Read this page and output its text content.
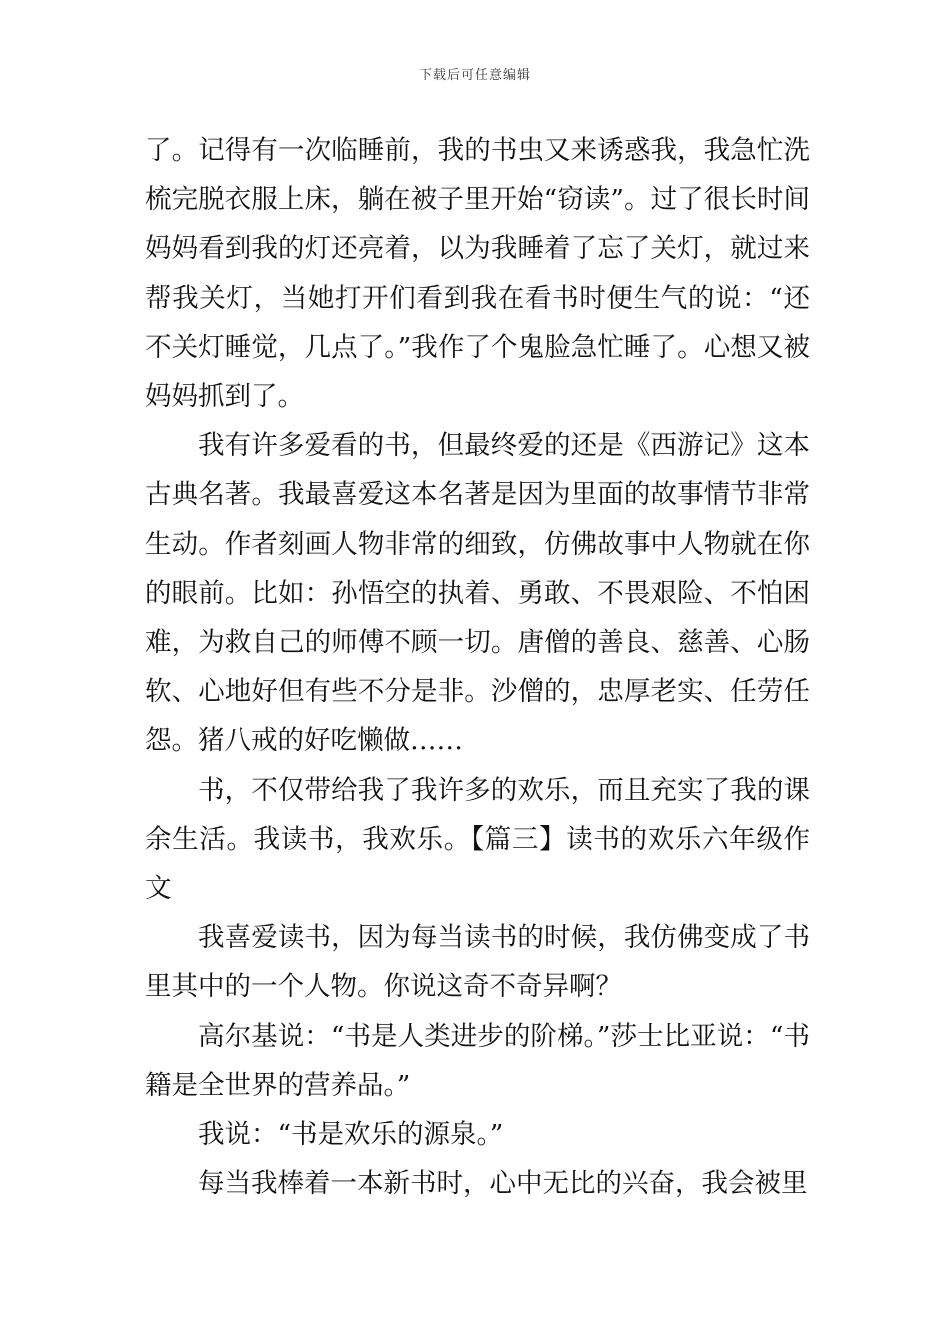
下载后可任意编辑

了。记得有一次临睡前，我的书虫又来诱惑我，我急忙洗梳完脱衣服上床，躺在被子里开始“窃读”。过了很长时间妈妈看到我的灯还亮着，以为我睡着了忘了关灯，就过来帮我关灯，当她打开们看到我在看书时便生气的说：“还不关灯睡觉，几点了。”我作了个鬼脸急忙睡了。心想又被妈妈抓到了。

我有许多爱看的书，但最终爱的还是《西游记》这本古典名著。我最喜爱这本名著是因为里面的故事情节非常生动。作者刻画人物非常的细致，仿佛故事中人物就在你的眼前。比如：孙悟空的执着、勇敢、不畏艰险、不怕困难，为救自己的师傅不顾一切。唐僧的善良、慈善、心肠软、心地好但有些不分是非。沙僧的，忠厚老实、任劳任怨。猪八戒的好吃懒做……

书，不仅带给我了我许多的欢乐，而且充实了我的课余生活。我读书，我欢乐。【篇三】读书的欢乐六年级作文

我喜爱读书，因为每当读书的时候，我仿佛变成了书里其中的一个人物。你说这奇不奇异啊？

高尔基说：“书是人类进步的阶梯。”莎士比亚说：“书籍是全世界的营养品。”

我说：“书是欢乐的源泉。”

每当我棒着一本新书时，心中无比的兴奋，我会被里
